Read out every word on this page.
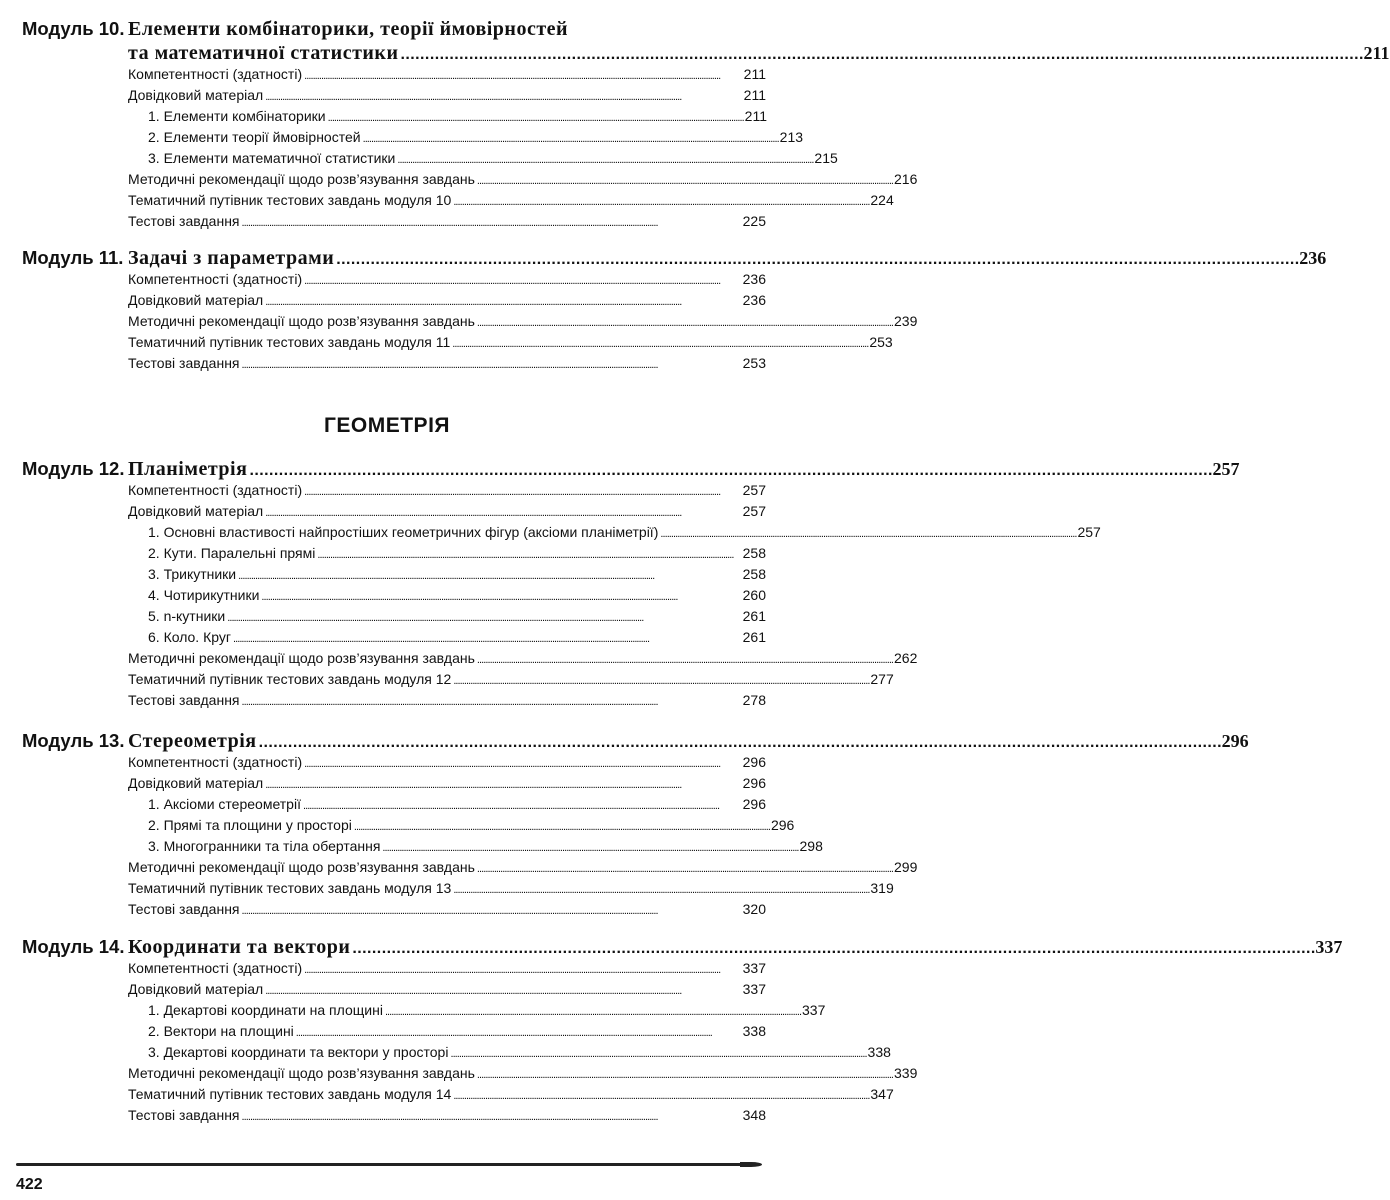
Модуль 10. Елементи комбінаторики, теорії ймовірностей
та математичної статистики . . .	211
Компетентності (здатності) . . .	211
Довідковий матеріал . . .	211
1. Елементи комбінаторики . . .	211
2. Елементи теорії ймовірностей . . .	213
3. Елементи математичної статистики . . .	215
Методичні рекомендації щодо розв’язування завдань . . .	216
Тематичний путівник тестових завдань модуля 10 . . .	224
Тестові завдання . . .	225
Модуль 11. Задачі з параметрами . . .	236
Компетентності (здатності) . . .	236
Довідковий матеріал . . .	236
Методичні рекомендації щодо розв’язування завдань . . .	239
Тематичний путівник тестових завдань модуля 11 . . .	253
Тестові завдання . . .	253
Модуль 12. Планіметрія . . .	257
Компетентності (здатності) . . .	257
Довідковий матеріал . . .	257
1. Основні властивості найпростіших геометричних фігур (аксіоми планіметрії) . . .	257
2. Кути. Паралельні прямі . . .	258
3. Трикутники . . .	258
4. Чотирикутники . . .	260
5. n-кутники . . .	261
6. Коло. Круг . . .	261
Методичні рекомендації щодо розв’язування завдань . . .	262
Тематичний путівник тестових завдань модуля 12 . . .	277
Тестові завдання . . .	278
Модуль 13. Стереометрія . . .	296
Компетентності (здатності) . . .	296
Довідковий матеріал . . .	296
1. Аксіоми стереометрії . . .	296
2. Прямі та площини у просторі . . .	296
3. Многогранники та тіла обертання . . .	298
Методичні рекомендації щодо розв’язування завдань . . .	299
Тематичний путівник тестових завдань модуля 13 . . .	319
Тестові завдання . . .	320
Модуль 14. Координати та вектори . . .	337
Компетентності (здатності) . . .	337
Довідковий матеріал . . .	337
1. Декартові координати на площині . . .	337
2. Вектори на площині . . .	338
3. Декартові координати та вектори у просторі . . .	338
Методичні рекомендації щодо розв’язування завдань . . .	339
Тематичний путівник тестових завдань модуля 14 . . .	347
Тестові завдання . . .	348
ГЕОМЕТРІЯ
422
